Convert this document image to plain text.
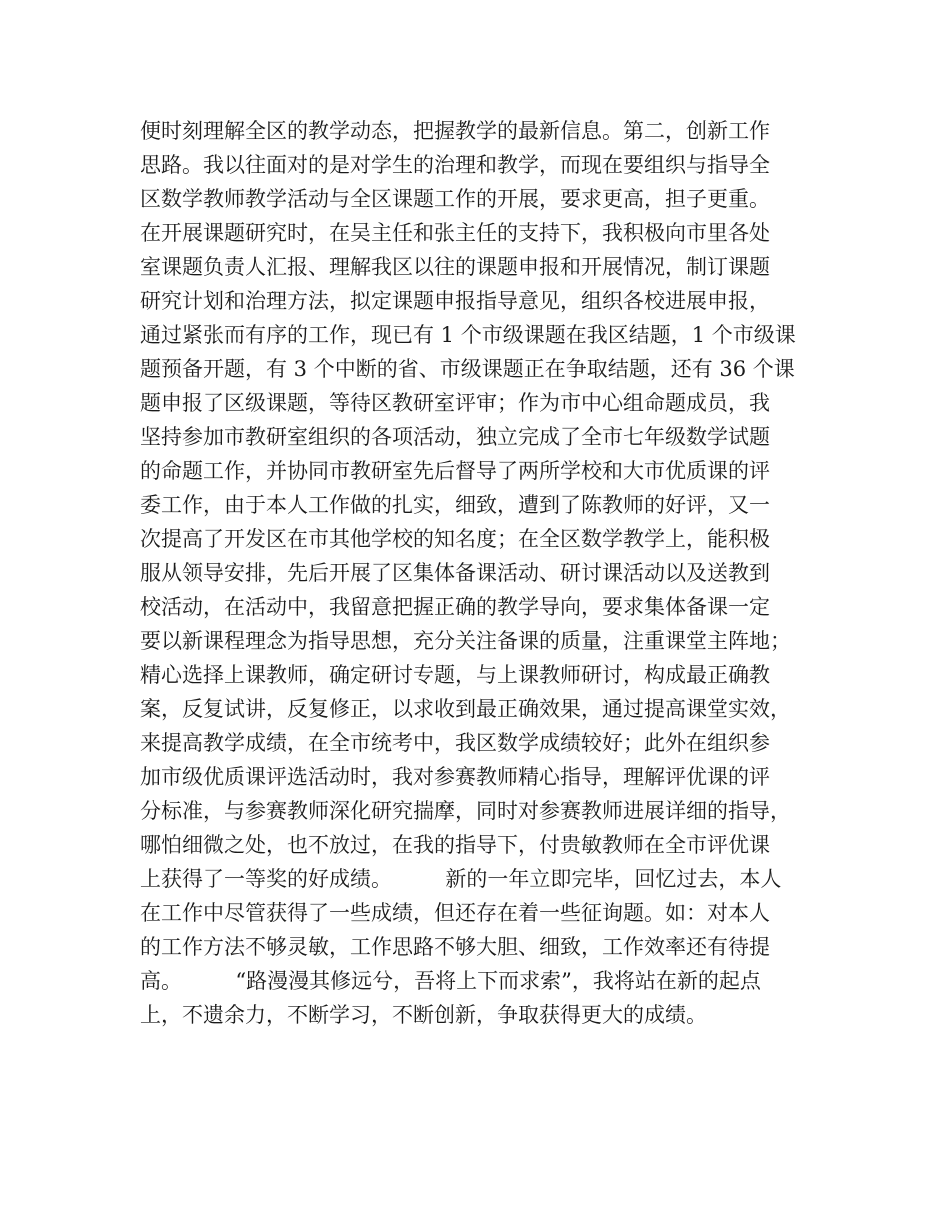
便时刻理解全区的教学动态，把握教学的最新信息。第二，创新工作
思路。我以往面对的是对学生的治理和教学，而现在要组织与指导全
区数学教师教学活动与全区课题工作的开展，要求更高，担子更重。
在开展课题研究时，在吴主任和张主任的支持下，我积极向市里各处
室课题负责人汇报、理解我区以往的课题申报和开展情况，制订课题
研究计划和治理方法，拟定课题申报指导意见，组织各校进展申报，
通过紧张而有序的工作，现已有 1 个市级课题在我区结题，1 个市级课
题预备开题，有 3 个中断的省、市级课题正在争取结题，还有 36 个课
题申报了区级课题，等待区教研室评审；作为市中心组命题成员，我
坚持参加市教研室组织的各项活动，独立完成了全市七年级数学试题
的命题工作，并协同市教研室先后督导了两所学校和大市优质课的评
委工作，由于本人工作做的扎实，细致，遭到了陈教师的好评，又一
次提高了开发区在市其他学校的知名度；在全区数学教学上，能积极
服从领导安排，先后开展了区集体备课活动、研讨课活动以及送教到
校活动，在活动中，我留意把握正确的教学导向，要求集体备课一定
要以新课程理念为指导思想，充分关注备课的质量，注重课堂主阵地；
精心选择上课教师，确定研讨专题，与上课教师研讨，构成最正确教
案，反复试讲，反复修正，以求收到最正确效果，通过提高课堂实效，
来提高教学成绩，在全市统考中，我区数学成绩较好；此外在组织参
加市级优质课评选活动时，我对参赛教师精心指导，理解评优课的评
分标准，与参赛教师深化研究揣摩，同时对参赛教师进展详细的指导，
哪怕细微之处，也不放过，在我的指导下，付贵敏教师在全市评优课
上获得了一等奖的好成绩。        新的一年立即完毕，回忆过去，本人
在工作中尽管获得了一些成绩，但还存在着一些征询题。如：对本人
的工作方法不够灵敏，工作思路不够大胆、细致，工作效率还有待提
高。        “路漫漫其修远兮，吾将上下而求索”，我将站在新的起点
上，不遗余力，不断学习，不断创新，争取获得更大的成绩。
